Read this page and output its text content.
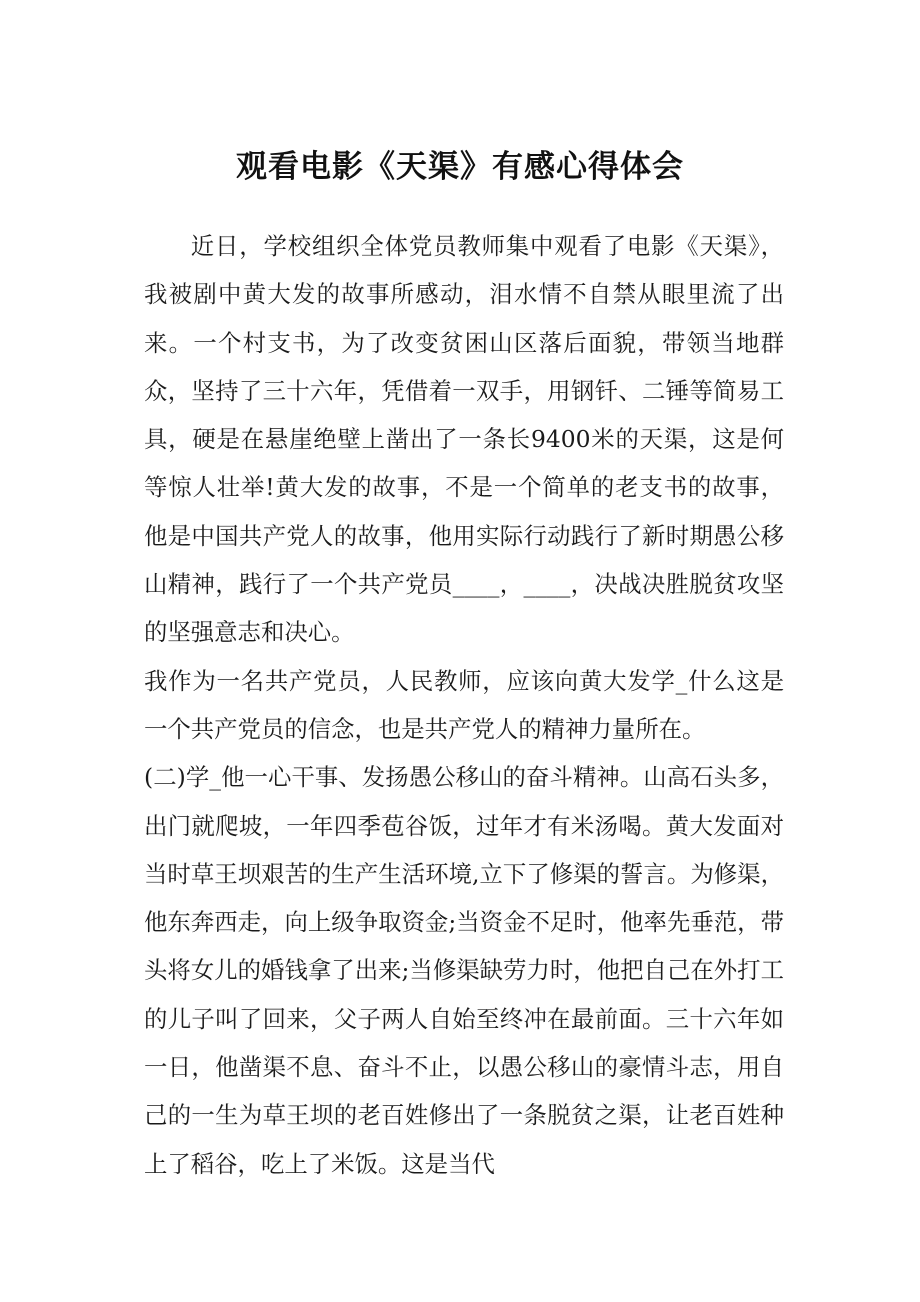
观看电影《天渠》有感心得体会

近日，学校组织全体党员教师集中观看了电影《天渠》，我被剧中黄大发的故事所感动，泪水情不自禁从眼里流了出来。一个村支书，为了改变贫困山区落后面貌，带领当地群众，坚持了三十六年，凭借着一双手，用钢钎、二锤等简易工具，硬是在悬崖绝壁上凿出了一条长9400米的天渠，这是何等惊人壮举!黄大发的故事，不是一个简单的老支书的故事，他是中国共产党人的故事，他用实际行动践行了新时期愚公移山精神，践行了一个共产党员____，____，决战决胜脱贫攻坚的坚强意志和决心。

我作为一名共产党员，人民教师，应该向黄大发学_什么这是一个共产党员的信念，也是共产党人的精神力量所在。

(二)学_他一心干事、发扬愚公移山的奋斗精神。山高石头多，出门就爬坡，一年四季苞谷饭，过年才有米汤喝。黄大发面对当时草王坝艰苦的生产生活环境,立下了修渠的誓言。为修渠，他东奔西走，向上级争取资金;当资金不足时，他率先垂范，带头将女儿的婚钱拿了出来;当修渠缺劳力时，他把自己在外打工的儿子叫了回来，父子两人自始至终冲在最前面。三十六年如一日，他凿渠不息、奋斗不止，以愚公移山的豪情斗志，用自己的一生为草王坝的老百姓修出了一条脱贫之渠，让老百姓种上了稻谷，吃上了米饭。这是当代
